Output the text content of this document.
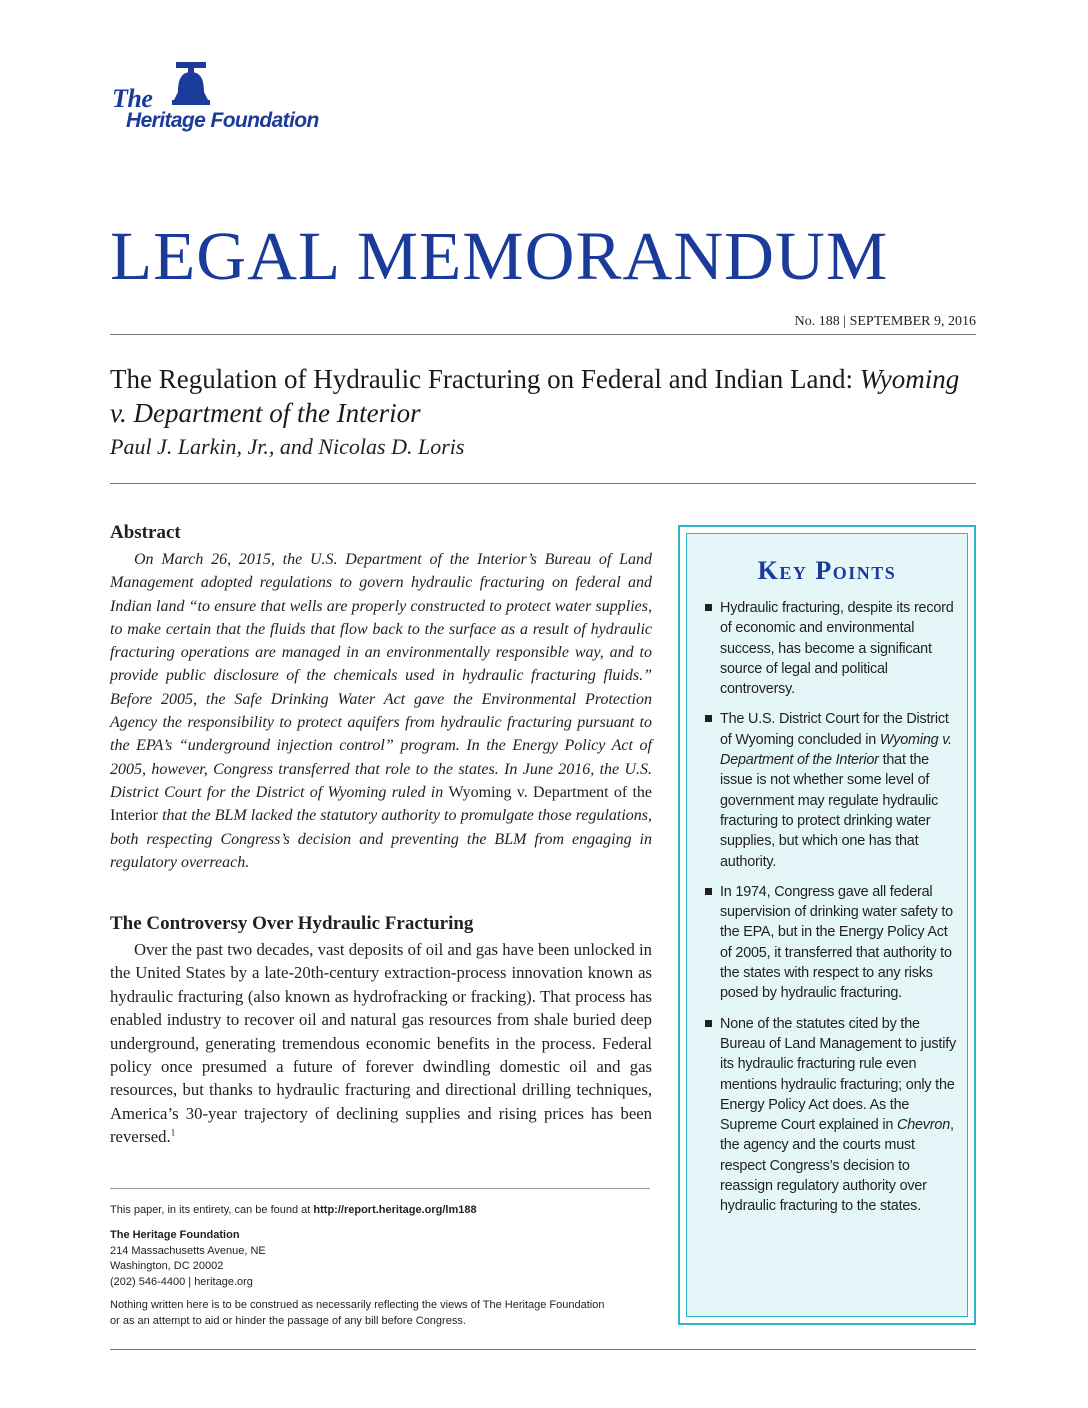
The
Heritage Foundation
LEGAL MEMORANDUM
No. 188 | SEPTEMBER 9, 2016
The Regulation of Hydraulic Fracturing on Federal and Indian Land: Wyoming v. Department of the Interior
Paul J. Larkin, Jr., and Nicolas D. Loris
Abstract
On March 26, 2015, the U.S. Department of the Interior’s Bureau of Land Management adopted regulations to govern hydraulic fracturing on federal and Indian land “to ensure that wells are properly constructed to protect water supplies, to make certain that the fluids that flow back to the surface as a result of hydraulic fracturing operations are managed in an environmentally responsible way, and to provide public disclosure of the chemicals used in hydraulic fracturing fluids.” Before 2005, the Safe Drinking Water Act gave the Environmental Protection Agency the responsibility to protect aquifers from hydraulic fracturing pursuant to the EPA’s “underground injection control” program. In the Energy Policy Act of 2005, however, Congress transferred that role to the states. In June 2016, the U.S. District Court for the District of Wyoming ruled in Wyoming v. Department of the Interior that the BLM lacked the statutory authority to promulgate those regulations, both respecting Congress’s decision and preventing the BLM from engaging in regulatory overreach.
The Controversy Over Hydraulic Fracturing
Over the past two decades, vast deposits of oil and gas have been unlocked in the United States by a late-20th-century extraction-process innovation known as hydraulic fracturing (also known as hydrofracking or fracking). That process has enabled industry to recover oil and natural gas resources from shale buried deep underground, generating tremendous economic benefits in the process. Federal policy once presumed a future of forever dwindling domestic oil and gas resources, but thanks to hydraulic fracturing and directional drilling techniques, America’s 30-year trajectory of declining supplies and rising prices has been reversed.$^1$
This paper, in its entirety, can be found at http://report.heritage.org/lm188
The Heritage Foundation
214 Massachusetts Avenue, NE
Washington, DC 20002
(202) 546-4400 | heritage.org
Nothing written here is to be construed as necessarily reflecting the views of The Heritage Foundation or as an attempt to aid or hinder the passage of any bill before Congress.
Key Points
Hydraulic fracturing, despite its record of economic and environmental success, has become a significant source of legal and political controversy.
The U.S. District Court for the District of Wyoming concluded in Wyoming v. Department of the Interior that the issue is not whether some level of government may regulate hydraulic fracturing to protect drinking water supplies, but which one has that authority.
In 1974, Congress gave all federal supervision of drinking water safety to the EPA, but in the Energy Policy Act of 2005, it transferred that authority to the states with respect to any risks posed by hydraulic fracturing.
None of the statutes cited by the Bureau of Land Management to justify its hydraulic fracturing rule even mentions hydraulic fracturing; only the Energy Policy Act does. As the Supreme Court explained in Chevron, the agency and the courts must respect Congress’s decision to reassign regulatory authority over hydraulic fracturing to the states.
